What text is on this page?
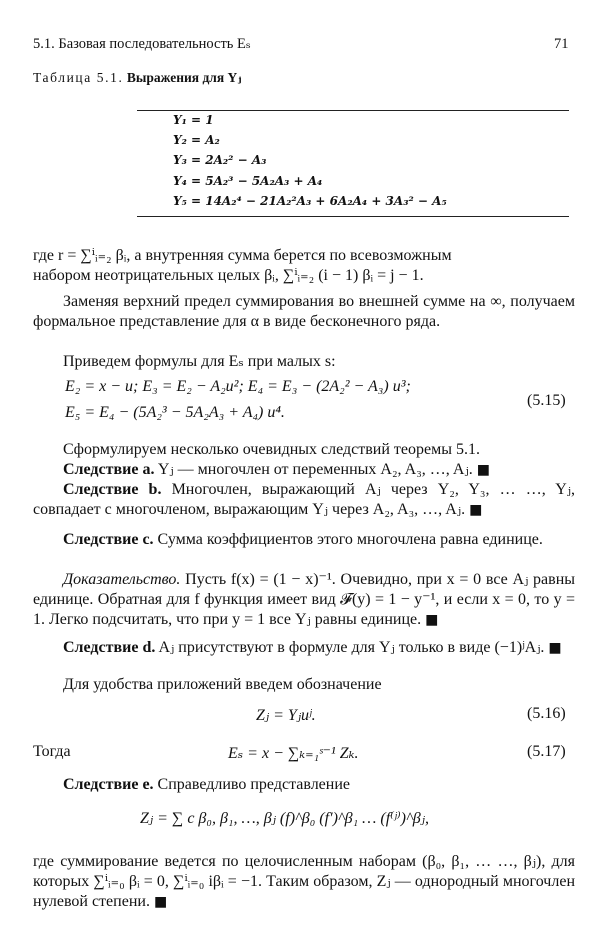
5.1. Базовая последовательность Eₛ	71
Таблица 5.1. Выражения для Yⱼ
Y₁ = 1
Y₂ = A₂
Y₃ = 2A₂² − A₃
Y₄ = 5A₂³ − 5A₂A₃ + A₄
Y₅ = 14A₂⁴ − 21A₂²A₃ + 6A₂A₄ + 3A₃² − A₅
где r = ∑ⁱᵢ₌₂ βᵢ, а внутренняя сумма берется по всевозможным
набором неотрицательных целых βᵢ, ∑ⁱᵢ₌₂ (i − 1) βᵢ = j − 1.
Заменяя верхний предел суммирования во внешней сумме на ∞, получаем формальное представление для α в виде бесконечного ряда.
Приведем формулы для Eₛ при малых s:
E₂ = x − u; E₃ = E₂ − A₂u²; E₄ = E₃ − (2A₂² − A₃) u³;
E₅ = E₄ − (5A₂³ − 5A₂A₃ + A₄) u⁴.
(5.15)
Сформулируем несколько очевидных следствий теоремы 5.1.
Следствие a. Yⱼ — многочлен от переменных A₂, A₃, …, Aⱼ. ■
Следствие b. Многочлен, выражающий Aⱼ через Y₂, Y₃, … …, Yⱼ, совпадает с многочленом, выражающим Yⱼ через A₂, A₃, …, Aⱼ. ■
Следствие c. Сумма коэффициентов этого многочлена равна единице.
Доказательство. Пусть f(x) = (1 − x)⁻¹. Очевидно, при x = 0 все Aⱼ равны единице. Обратная для f функция имеет вид 𝓕(y) = 1 − y⁻¹, и если x = 0, то y = 1. Легко подсчитать, что при y = 1 все Yⱼ равны единице. ■
Следствие d. Aⱼ присутствуют в формуле для Yⱼ только в виде (−1)ʲAⱼ. ■
Для удобства приложений введем обозначение
Zⱼ = Yⱼuʲ.	(5.16)
Тогда	Eₛ = x − ∑ₖ₌₁ˢ⁻¹ Zₖ.	(5.17)
Следствие e. Справедливо представление
Zⱼ = ∑ c β₀, β₁, …, βⱼ (f)^β₀ (f′)^β₁ … (f⁽ʲ⁾)^βⱼ,
где суммирование ведется по целочисленным наборам (β₀, β₁, … …, βⱼ), для которых ∑ⁱᵢ₌₀ βᵢ = 0, ∑ⁱᵢ₌₀ iβᵢ = −1. Таким образом, Zⱼ — однородный многочлен нулевой степени. ■
